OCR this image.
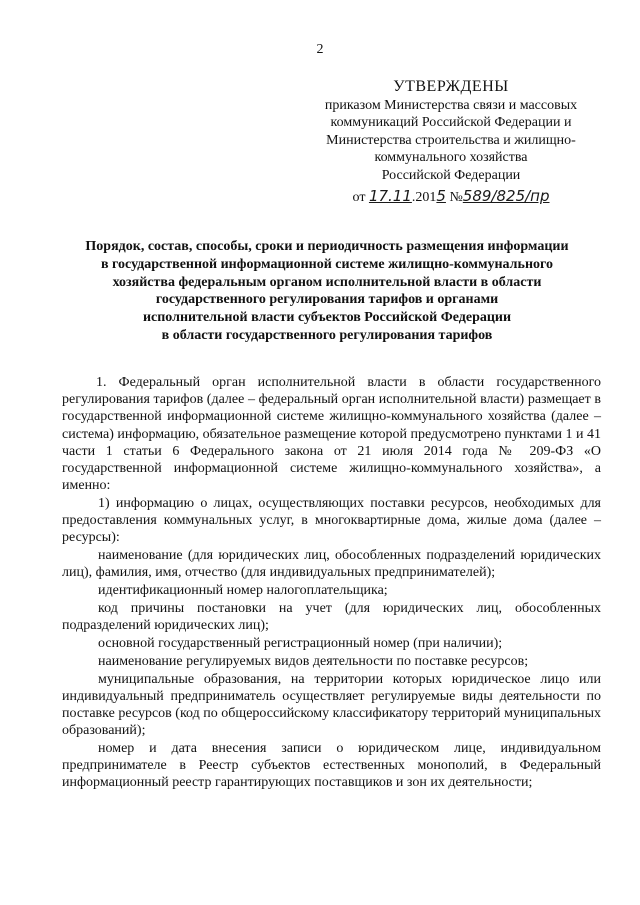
2
УТВЕРЖДЕНЫ
приказом Министерства связи и массовых
коммуникаций Российской Федерации и
Министерства строительства и жилищно-
коммунального хозяйства
Российской Федерации
от 17.11.2015 №589/825/пр
Порядок, состав, способы, сроки и периодичность размещения информации
в государственной информационной системе жилищно-коммунального
хозяйства федеральным органом исполнительной власти в области
государственного регулирования тарифов и органами
исполнительной власти субъектов Российской Федерации
в области государственного регулирования тарифов

1. Федеральный орган исполнительной власти в области государственного регулирования тарифов (далее – федеральный орган исполнительной власти) размещает в государственной информационной системе жилищно-коммунального хозяйства (далее – система) информацию, обязательное размещение которой предусмотрено пунктами 1 и 41 части 1 статьи 6 Федерального закона от 21 июля 2014 года № 209-ФЗ «О государственной информационной системе жилищно-коммунального хозяйства», а именно:

1) информацию о лицах, осуществляющих поставки ресурсов, необходимых для предоставления коммунальных услуг, в многоквартирные дома, жилые дома (далее – ресурсы):

наименование (для юридических лиц, обособленных подразделений юридических лиц), фамилия, имя, отчество (для индивидуальных предпринимателей);

идентификационный номер налогоплательщика;

код причины постановки на учет (для юридических лиц, обособленных подразделений юридических лиц);

основной государственный регистрационный номер (при наличии);

наименование регулируемых видов деятельности по поставке ресурсов;

муниципальные образования, на территории которых юридическое лицо или индивидуальный предприниматель осуществляет регулируемые виды деятельности по поставке ресурсов (код по общероссийскому классификатору территорий муниципальных образований);

номер и дата внесения записи о юридическом лице, индивидуальном предпринимателе в Реестр субъектов естественных монополий, в Федеральный информационный реестр гарантирующих поставщиков и зон их деятельности;
